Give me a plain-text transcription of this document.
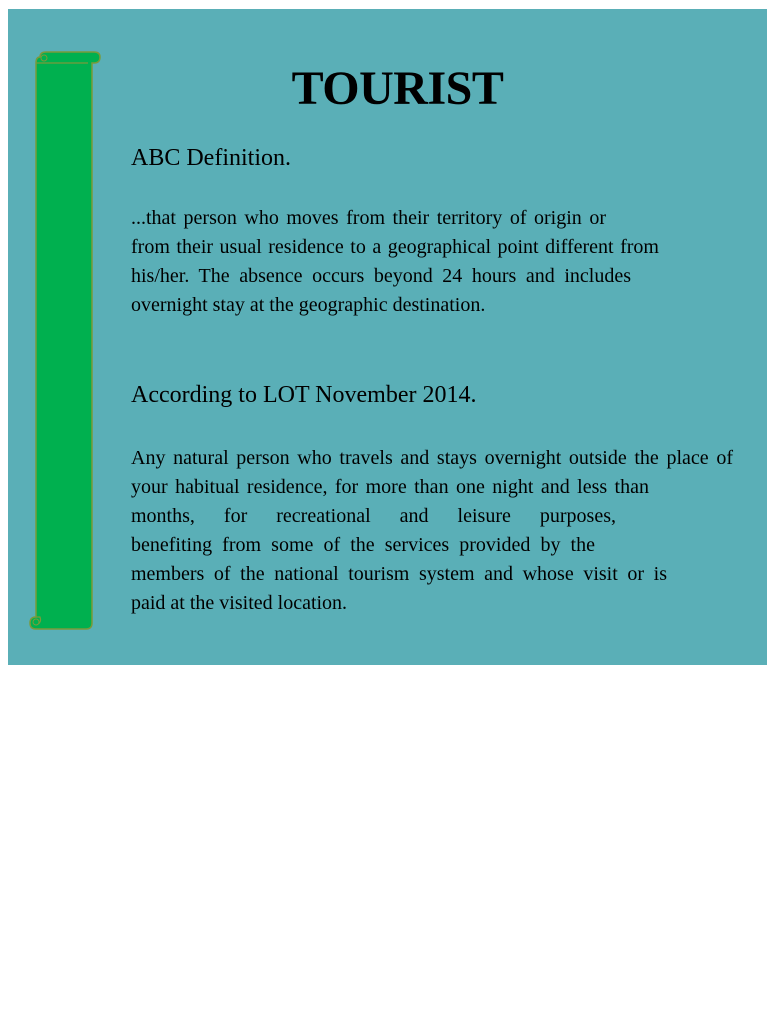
TOURIST
ABC Definition.
...that person who moves from their territory of origin or
from their usual residence to a geographical point different from
his/her. The absence occurs beyond 24 hours and includes
overnight stay at the geographic destination.
According to LOT November 2014.
Any natural person who travels and stays overnight outside the place of
your habitual residence, for more than one night and less than
months, for recreational and leisure purposes,
benefiting from some of the services provided by the
members of the national tourism system and whose visit or is
paid at the visited location.
